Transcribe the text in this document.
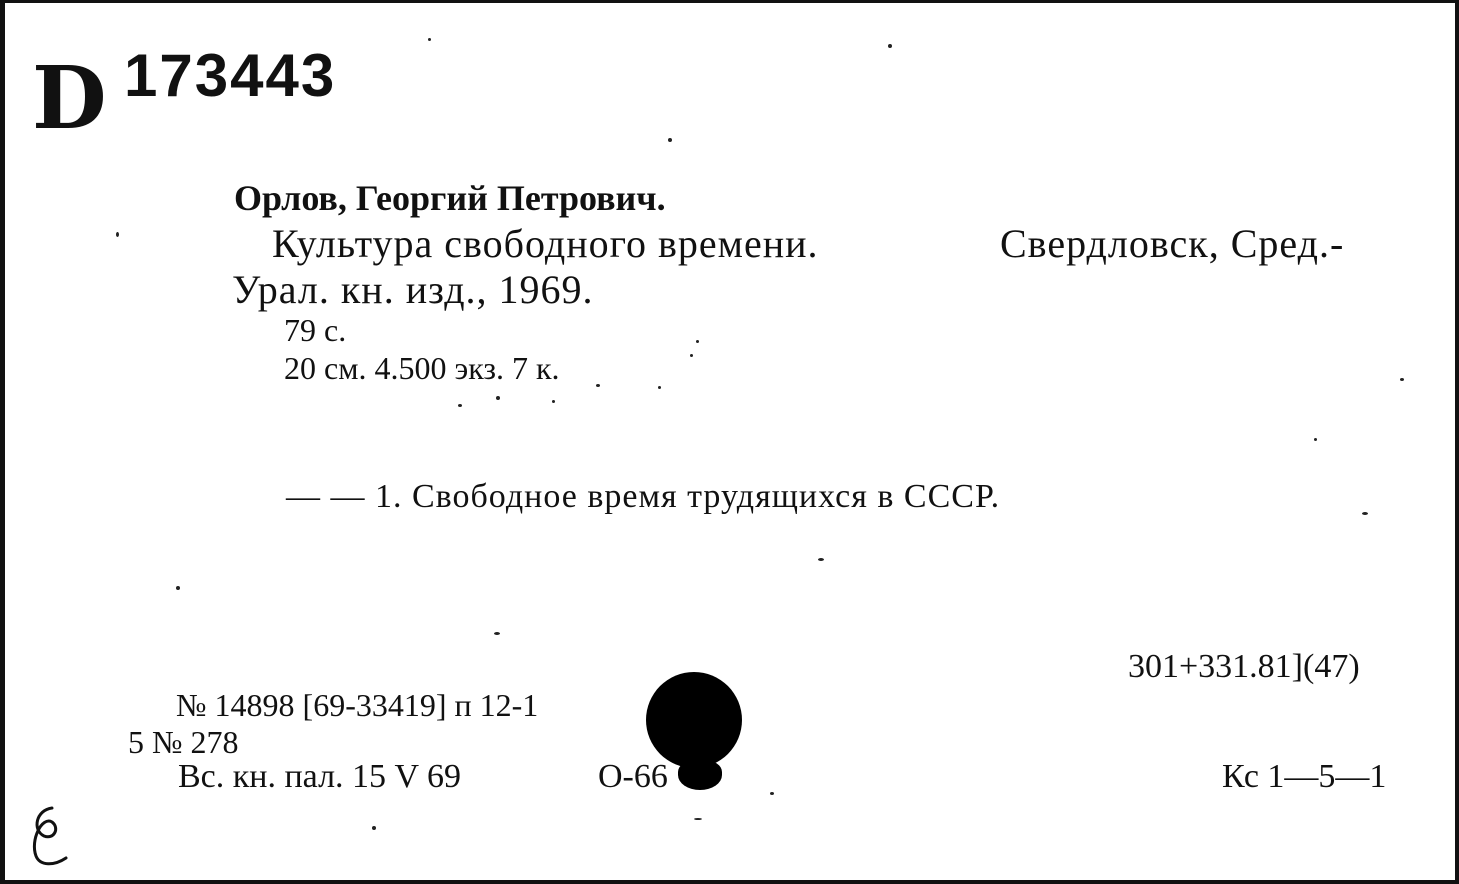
D 173443
Орлов, Георгий Петрович.
Культура свободного времени.	Свердловск, Сред.-
Урал. кн. изд., 1969.
79 с.
20 см. 4.500 экз. 7 к.
— — 1. Свободное время трудящихся в СССР.
301+331.81](47)
№ 14898 [69-33419] п 12-1
5 № 278
Вс. кн. пал. 15 V 69	О-66	Кс 1—5—1
